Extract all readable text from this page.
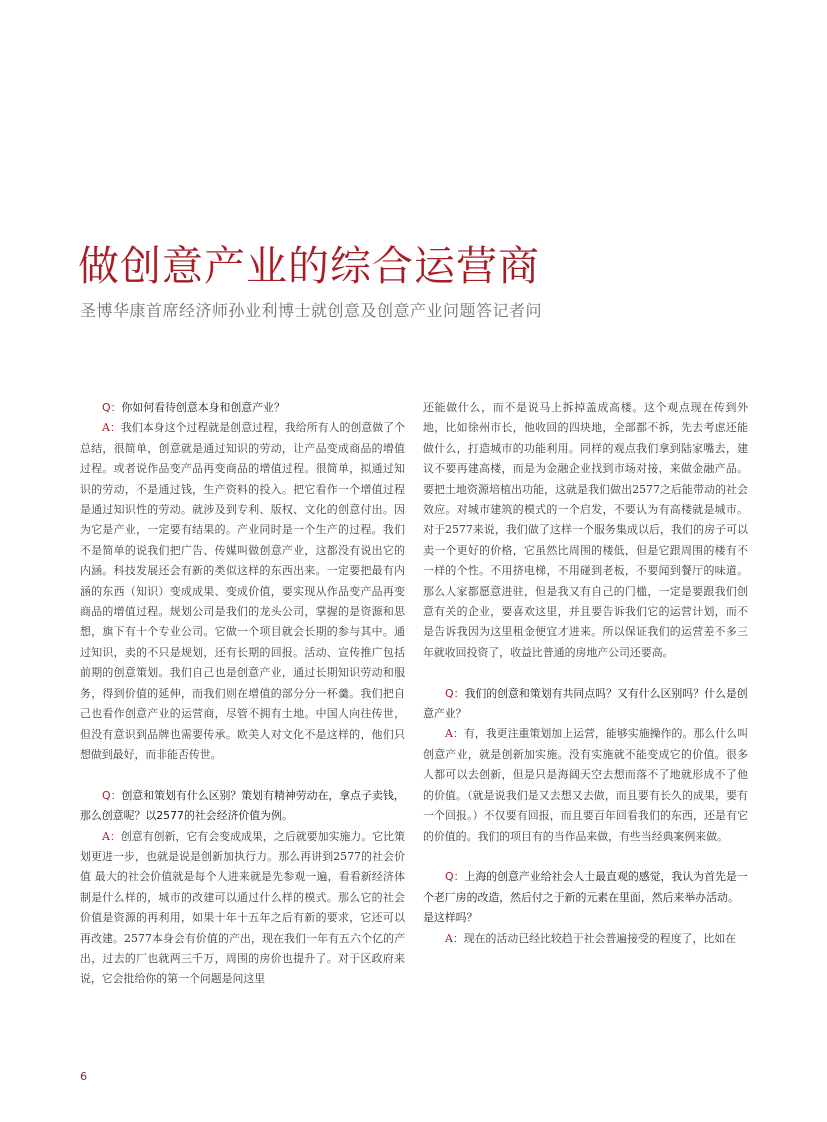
做创意产业的综合运营商

圣博华康首席经济师孙业利博士就创意及创意产业问题答记者问

Q：你如何看待创意本身和创意产业？

A：我们本身这个过程就是创意过程，我给所有人的创意做了个总结，很简单，创意就是通过知识的劳动，让产品变成商品的增值过程。或者说作品变产品再变商品的增值过程。很简单，拟通过知识的劳动，不是通过钱，生产资料的投入。把它看作一个增值过程是通过知识性的劳动。就涉及到专利、版权、文化的创意付出。因为它是产业，一定要有结果的。产业同时是一个生产的过程。我们不是简单的说我们把广告、传媒叫做创意产业，这都没有说出它的内涵。科技发展还会有新的类似这样的东西出来。一定要把最有内涵的东西（知识）变成成果、变成价值，要实现从作品变产品再变商品的增值过程。规划公司是我们的龙头公司，掌握的是资源和思想，旗下有十个专业公司。它做一个项目就会长期的参与其中。通过知识，卖的不只是规划，还有长期的回报。活动、宣传推广包括前期的创意策划。我们自己也是创意产业，通过长期知识劳动和服务，得到价值的延伸，而我们则在增值的部分分一杯羹。我们把自己也看作创意产业的运营商，尽管不拥有土地。中国人向往传世，但没有意识到品牌也需要传承。欧美人对文化不是这样的，他们只想做到最好，而非能否传世。

Q：创意和策划有什么区别？策划有精神劳动在，拿点子卖钱，那么创意呢？以2577的社会经济价值为例。

A：创意有创新，它有会变成成果，之后就要加实施力。它比策划更进一步，也就是说是创新加执行力。那么再讲到2577的社会价值 最大的社会价值就是每个人进来就是先参观一遍，看看新经济体制是什么样的，城市的改建可以通过什么样的模式。那么它的社会价值是资源的再利用，如果十年十五年之后有新的要求，它还可以再改建。2577本身会有价值的产出，现在我们一年有五六个亿的产出，过去的厂也就两三千万，周围的房价也提升了。对于区政府来说，它会批给你的第一个问题是问这里

还能做什么，而不是说马上拆掉盖成高楼。这个观点现在传到外地，比如徐州市长，他收回的四块地，全部都不拆，先去考虑还能做什么，打造城市的功能利用。同样的观点我们拿到陆家嘴去，建议不要再建高楼，而是为金融企业找到市场对接，来做金融产品。要把土地资源培植出功能，这就是我们做出2577之后能带动的社会效应。对城市建筑的模式的一个启发，不要认为有高楼就是城市。对于2577来说，我们做了这样一个服务集成以后，我们的房子可以卖一个更好的价格，它虽然比周围的楼低，但是它跟周围的楼有不一样的个性。不用挤电梯，不用碰到老板，不要闻到餐厅的味道。那么人家都愿意进驻，但是我又有自己的门槛，一定是要跟我们创意有关的企业，要喜欢这里，并且要告诉我们它的运营计划，而不是告诉我因为这里租金便宜才进来。所以保证我们的运营差不多三年就收回投资了，收益比普通的房地产公司还要高。

Q：我们的创意和策划有共同点吗？又有什么区别吗？什么是创意产业？

A：有，我更注重策划加上运营，能够实施操作的。那么什么叫创意产业，就是创新加实施。没有实施就不能变成它的价值。很多人都可以去创新，但是只是海阔天空去想而落不了地就形成不了他的价值。（就是说我们是又去想又去做，而且要有长久的成果，要有一个回报。）不仅要有回报，而且要百年回看我们的东西，还是有它的价值的。我们的项目有的当作品来做，有些当经典案例来做。

Q：上海的创意产业给社会人士最直观的感觉，我认为首先是一个老厂房的改造，然后付之于新的元素在里面，然后来举办活动。是这样吗？

A：现在的活动已经比较趋于社会普遍接受的程度了，比如在

6
